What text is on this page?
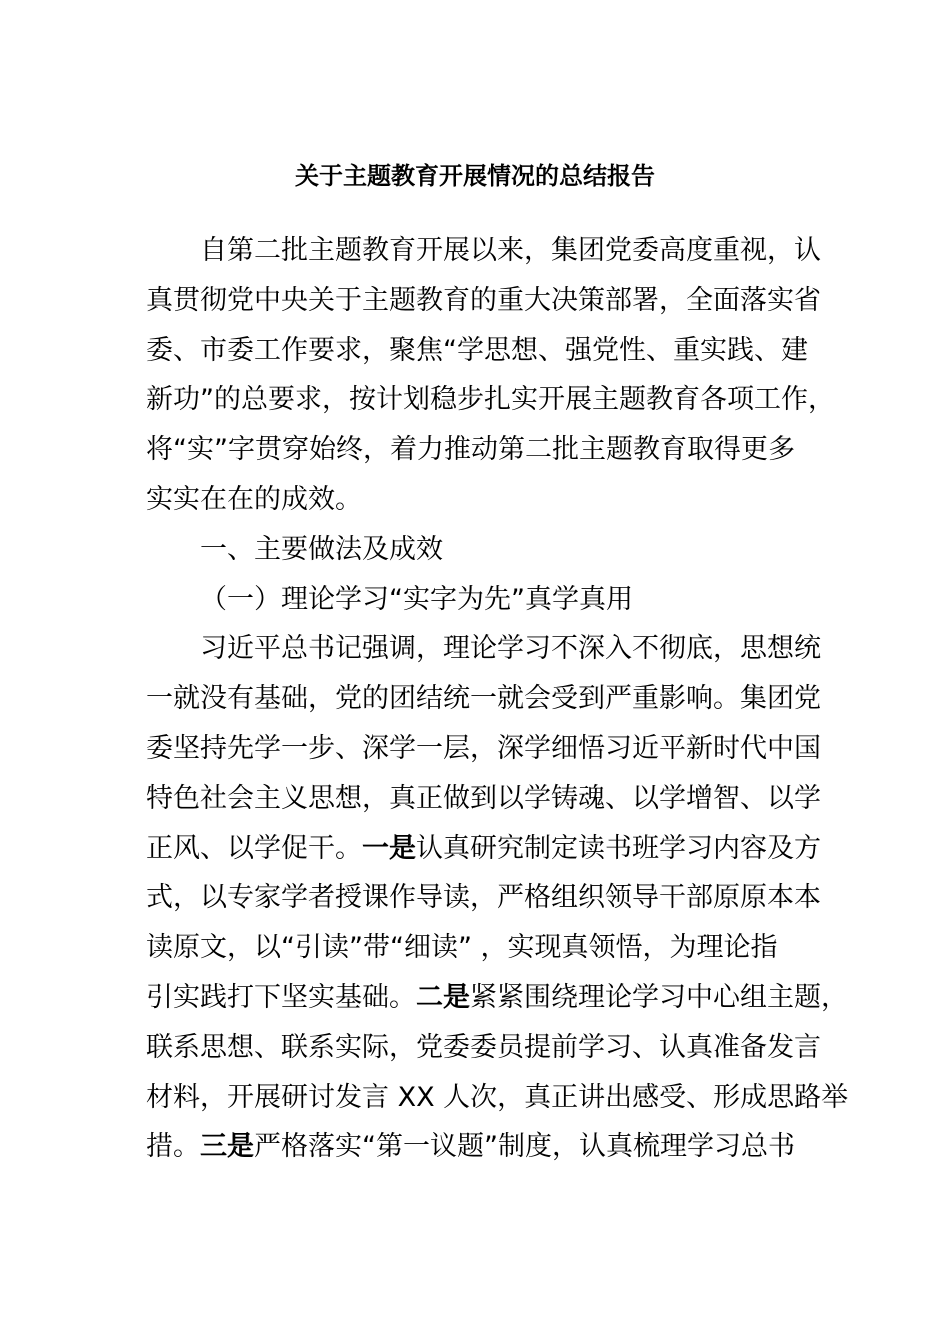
关于主题教育开展情况的总结报告
自第二批主题教育开展以来，集团党委高度重视，认
真贯彻党中央关于主题教育的重大决策部署，全面落实省
委、市委工作要求，聚焦“学思想、强党性、重实践、建
新功”的总要求，按计划稳步扎实开展主题教育各项工作，
将“实”字贯穿始终，着力推动第二批主题教育取得更多
实实在在的成效。
一、主要做法及成效
（一）理论学习“实字为先”真学真用
习近平总书记强调，理论学习不深入不彻底，思想统
一就没有基础，党的团结统一就会受到严重影响。集团党
委坚持先学一步、深学一层，深学细悟习近平新时代中国
特色社会主义思想，真正做到以学铸魂、以学增智、以学
正风、以学促干。一是认真研究制定读书班学习内容及方
式，以专家学者授课作导读，严格组织领导干部原原本本
读原文，以“引读”带“细读” ，实现真领悟，为理论指
引实践打下坚实基础。二是紧紧围绕理论学习中心组主题，
联系思想、联系实际，党委委员提前学习、认真准备发言
材料，开展研讨发言 XX 人次，真正讲出感受、形成思路举
措。三是严格落实“第一议题”制度，认真梳理学习总书
